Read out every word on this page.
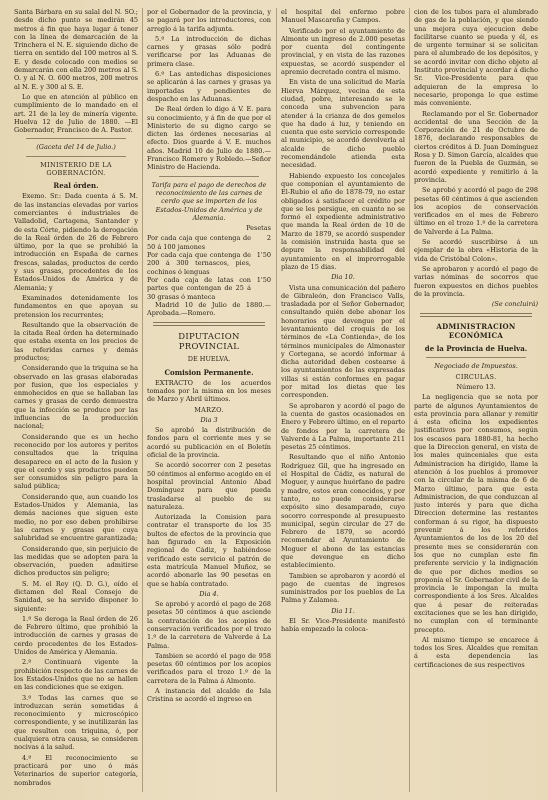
Santa Bárbara en su salal del N. SO.; desde dicho punto se medirán 45 metros á fin que haya lugar á tener con la línea de demarcación de la Trinchera el N. E. siguiendo dicho de tierra en sentido del 100 metros al S. E. y desde colocado con medios se demarcarán con ella 200 metros al S. O. y al N. O. 600 metros, 200 metros al N. E. y 300 al S. E.

Lo que en atención al público en cumplimiento de lo mandado en el art. 21 de la ley de minería vigente. Huelva 12 de Julio de 1880. —El Gobernador, Francisco de A. Pastor.

(Gaceta del 14 de Julio.)

MINISTERIO DE LA GOBERNACIÓN.

Real órden.

Exemo. Sr.: Dada cuenta á S. M. de las instancias elevadas por varios comerciantes é industriales de Valladolid, Cartagena, Santander y de esta Córte, pidiendo la derogación de la Real órden de 26 de Febrero último, por la que se prohibió la introducción en España de carnes frescas, saladas, productos de cerdo y sus grasas, procedentes de los Estados-Unidos de América y de Alemania; y

Examinados detenidamente los fundamentos en que apoyan su pretension los recurrentes;

Resultando que la observación de la citada Real órden ha determinado que estaba exenta en los precios de las referidas carnes y demás productos;

Considerando que la triquina se ha observado en las grasas elaboradas por fusion, que los especiales y enmohecidos en que se hallaban las carnes y grasas de cerdo demuestra que la infección se produce por las influencias de la producción nacional;

Considerando que es un hecho reconocido por los autores y peritos consultados que la triquina desaparece en el acto de la fusion y que el cerdo y sus productos pueden ser consumidos sin peligro para la salud pública;

Considerando que, aun cuando los Estados-Unidos y Alemania, las demás naciones que siguen este medio, no por eso deben prohibirse las carnes y grasas que cuya salubridad se encuentre garantizada;

Considerando que, sin perjuicio de las medidas que se adopten para la observación, pueden admitirse dichos productos sin peligro;

S. M. el Rey (Q. D. G.), oído el dictamen del Real Consejo de Sanidad, se ha servido disponer lo siguiente:

1.º Se deroga la Real órden de 26 de Febrero último, que prohibió la introducción de carnes y grasas de cerdo procedentes de los Estados-Unidos de América y Alemania.

2.º Continuará vigente la prohibición respecto de las carnes de los Estados-Unidos que no se hallen en las condiciones que se exigen.

3.º Todas las carnes que se introduzcan serán sometidas á reconocimiento y microscópico correspondiente, y se inutilizarán las que resulten con triquina, ó, por cualquiera otra causa, se consideren nocivas á la salud.

4.º El reconocimiento se practicará por uno ó más Veterinarios de superior categoría, nombrados

por el Gobernador de la provincia, y se pagará por los introductores, con arreglo á la tarifa adjunta.

5.º La introducción de dichas carnes y grasas sólo podrá verificarse por las Aduanas de primera clase.

6.º Las antedichas disposiciones se aplicarán á las carnes y grasas ya importadas y pendientes de despacho en las Aduanas.

De Real órden lo digo á V. E. para su conocimiento, y á fin de que por el Ministerio de su digno cargo se dicten las órdenes necesarias al efecto. Dios guarde á V. E. muchos años. Madrid 10 de Julio de 1880.—Francisco Romero y Robledo.—Señor Ministro de Hacienda.

Tarifa para el pago de derechos de reconocimiento de las carnes de cerdo que se importen de los Estados-Unidos de América y de Alemania.

Pesetas

Por cada caja que contenga de 50 á 100 jamones
2
Por cada caja que contenga de 200 á 300 ternascos, pies, cochinos ó lenguas
1'50
Por cada caja de latas con partes que contengan de 25 á 30 grasas ó manteca
1'50

Madrid 10 de Julio de 1880.—Aprobada.—Romero.

DIPUTACION PROVINCIAL

DE HUELVA.

Comision Permanente.

EXTRACTO de los acuerdos tomados por la misma en los meses de Marzo y Abril últimos.

MARZO.

Dia 3

Se aprobó la distribución de fondos para el corriente mes y se acordó su publicación en el Boletín oficial de la provincia.

Se acordó socorrer con 2 pesetas 50 céntimos al enfermo acogido en el hospital provincial Antonio Abad Domínguez para que pueda trasladarse al pueblo de su naturaleza.

Autorizada la Comision para contratar el transporte de los 35 bultos de efectos de la provincia que han figurado en la Exposición regional de Cádiz, y habiéndose verificado este servicio el patrón de esta matrícula Manuel Muñoz, se acordó abonarle las 90 pesetas en que se había contratado.

Dia 4.

Se aprobó y acordó el pago de 268 pesetas 50 céntimos á que asciende la contratación de los acopios de conservación verificados por el trozo 1.º de la carretera de Valverde á La Palma.

Tambien se acordó el pago de 958 pesetas 60 céntimos por los acopios verificados para el trozo 1.º de la carretera de la Palma á Almonte.

A instancia del alcalde de Isla Cristina se acordó el ingreso en

el hospital del enfermo pobre Manuel Mascareña y Campos.

Verificado por el ayuntamiento de Almonte un ingreso de 2.000 pesetas por cuenta del contingente provincial, y en vista de las razones expuestas, se acordó suspender el apremio decretado contra el mismo.

En vista de una solicitud de María Hierva Márquez, vecina de esta ciudad, pobre, interesando se le conceda una subvencion para atender á la crianza de dos gemelos que ha dado á luz, y teniendo en cuenta que este servicio corresponde al municipio, se acordó devolverla al alcalde de dicho pueblo recomendándole atienda esta necesidad.

Habiendo expuesto los concejales que componían el ayuntamiento de El-Rubio el año de 1878-79, no estar obligados á satisfacer el crédito por que se les persigue, en cuanto no se formó el expediente administrativo que manda la Real órden de 10 de Marzo de 1879, se acordó suspender la comisión instruida hasta que se depure la responsabilidad del ayuntamiento en el improrrogable plazo de 15 dias.

Dia 10.

Vista una comunicación del pañero de Gibraleón, don Francisco Valls, trasladada por el Señor Gobernador, consultando quién debe abonar los honorarios que devengue por el levantamiento del croquis de los términos de «La Contienda», de los términos municipales de Almonaster y Cortegana, se acordó informar á dicha autoridad deben costearse á los ayuntamientos de las expresadas villas si están conformes en pagar por mitad los dietas que les corresponden.

Se aprobaron y acordó el pago de la cuenta de gastos ocasionados en Enero y Febrero último, en el reparto de fondos por la carretera de Valverde á La Palma, importante 211 pesetas 25 céntimos.

Resultando que el niño Antonio Rodríguez Gil, que ha ingresado en el Hospital de Cádiz, es natural de Moguer, y aunque huérfano de padre y madre, estos eran conocidos, y por tanto, no puede considerarse expósito sino desamparado, cuyo socorro corresponde al presupuesto municipal, según circular de 27 de Febrero de 1879, se acordó recomendar al Ayuntamiento de Moguer el abono de las estancias que devengue en dicho establecimiento.

Tambien se aprobaron y acordó el pago de cuentas de ingresos suministrados por los pueblos de La Palma y Zalamea.

Dia 11.

El Sr. Vice-Presidente manifestó había empezado la coloca-

cion de los tubos para el alumbrado de gas de la población, y que siendo una mejora cuya ejecucion debe facilitarse cuanto se pueda y él, es de urgente terminar si se solicitan para el alumbrado de los depósitos, y se acordó invitar con dicho objeto al Instituto provincial y acordar á dicho Sr. Vice-Presidente para que adquieran de la empresa lo necesario, proponga lo que estime más conveniente.

Reclamando por el Sr. Gobernador accidental de una Sección de la Corporación de 21 de Octubre de 1876, declarando responsables de ciertos créditos á D. Juan Domínguez Rosa y D. Simon García, alcaldes que fueron de la Puebla de Guzmán, se acordó expediente y remitirlo á la provincia.

Se aprobó y acordó el pago de 298 pesetas 60 céntimos á que ascienden los acopios de conservación verificados en el mes de Febrero último en el trozo 1.º de la carretera de Valverde á La Palma.

Se acordó suscribirse á un ejemplar de la obra «Historia de la vida de Cristóbal Colon».

Se aprobaron y acordó el pago de varias nóminas de socorros que fueron expuestos en dichos pueblos de la provincia.

(Se concluirá)

ADMINISTRACION ECONÓMICA

de la Provincia de Huelva.

Negociado de Impuestos.

CIRCULAS.

Número 13.

La negligencia que se nota por parte de algunos Ayuntamientos de esta provincia para allanar y remitir á esta oficina los expedientes justificativos por consumos, según los escasos para 1880-81, ha hecho que la Direccion general, en vista de los males quinceniales que esta Administracion ha dirigido, llame la atención á los pueblos á promover con la circular de la misma de 6 de Marzo último, para que esta Administracion, de que conduzcan al justo interés y para que dicha Direccion determine las restantes conforman á su rigor, ha dispuesto prevenir á los referidos Ayuntamientos de los de los 20 del presente mes se considerarán con los que no cumplan este fin preferente servicio y la indignación de que por dichos medios se proponía el Sr. Gobernador civil de la provincia le impongan la multa correspondiente á los Sres. Alcaldes que á pesar de reiteradas excitaciones que se les han dirigido, no cumplan con el terminante precepto.

Al mismo tiempo se encarece á todos los Sres. Alcaldes que remitan á esta dependencia las certificaciones de sus respectivos
